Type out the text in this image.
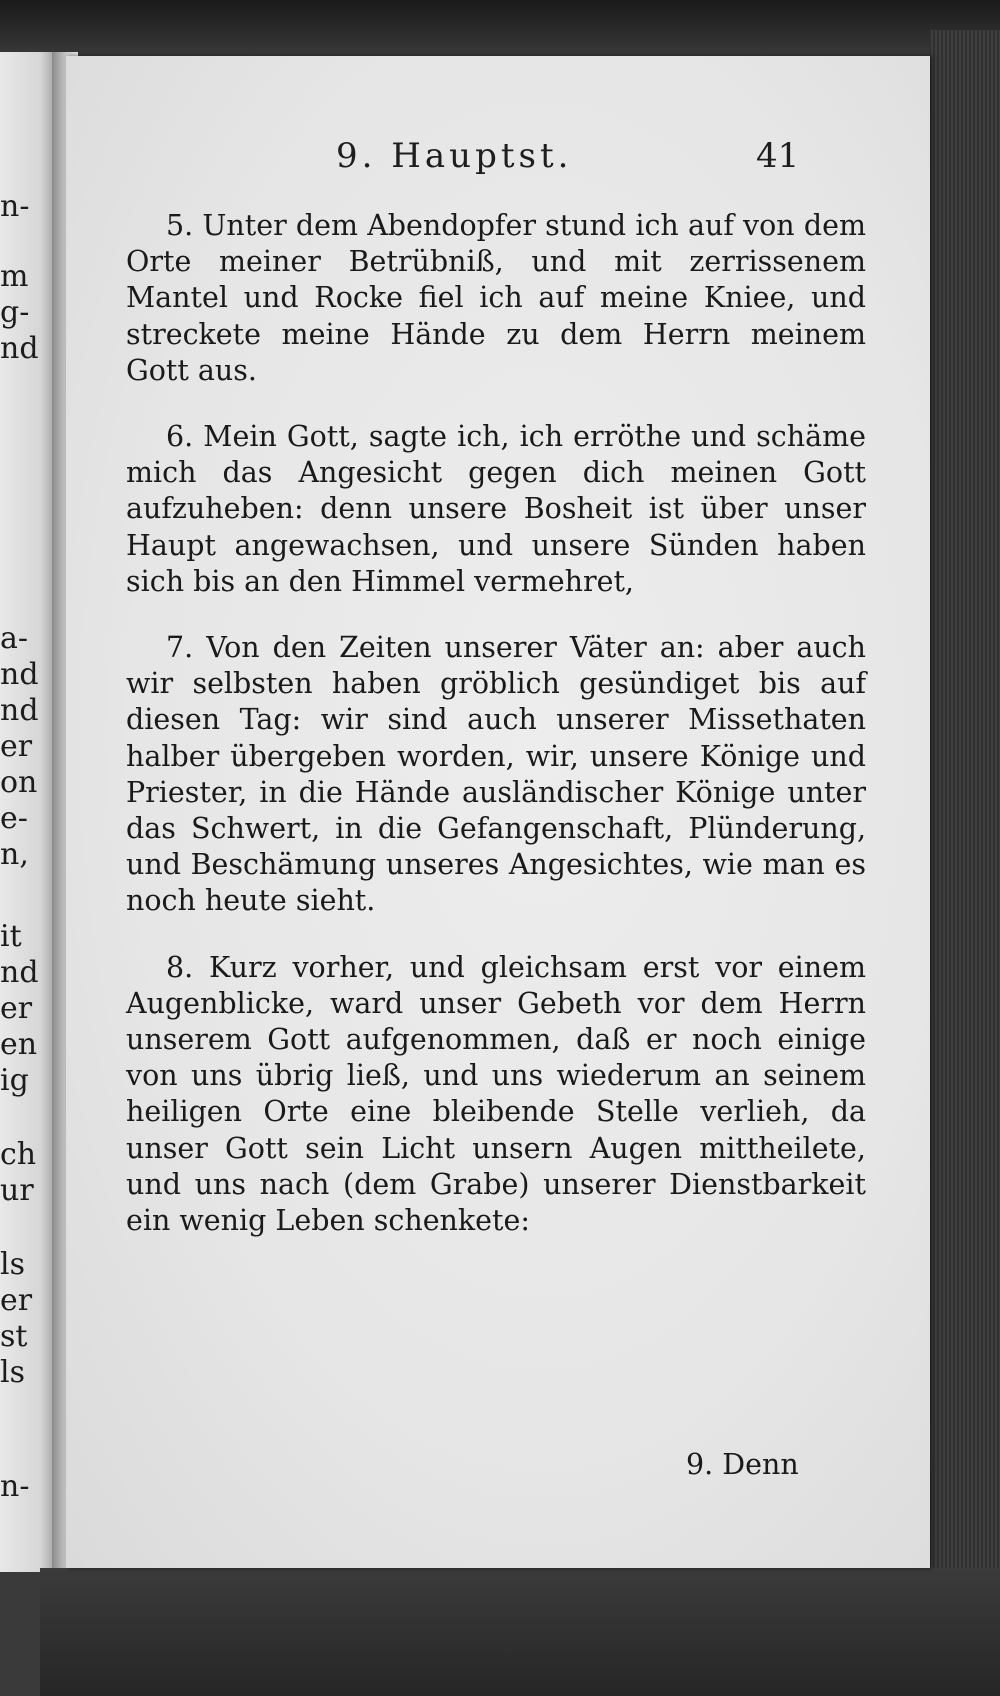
n-
m
g-
nd
a-
nd
nd
er
on
e-
n,
it
nd
er
en
ig
ch
ur
ls
er
st
ls
n-
9. Hauptst.	41

5. Unter dem Abendopfer stund ich auf von dem Orte meiner Betrübniß, und mit zerrissenem Mantel und Rocke fiel ich auf meine Kniee, und streckete meine Hände zu dem Herrn meinem Gott aus.

6. Mein Gott, sagte ich, ich erröthe und schäme mich das Angesicht gegen dich meinen Gott aufzuheben: denn unsere Bosheit ist über unser Haupt angewachsen, und unsere Sünden haben sich bis an den Himmel vermehret,

7. Von den Zeiten unserer Väter an: aber auch wir selbsten haben gröblich gesündiget bis auf diesen Tag: wir sind auch unserer Missethaten halber übergeben worden, wir, unsere Könige und Priester, in die Hände ausländischer Könige unter das Schwert, in die Gefangenschaft, Plünderung, und Beschämung unseres Angesichtes, wie man es noch heute sieht.

8. Kurz vorher, und gleichsam erst vor einem Augenblicke, ward unser Gebeth vor dem Herrn unserem Gott aufgenommen, daß er noch einige von uns übrig ließ, und uns wiederum an seinem heiligen Orte eine bleibende Stelle verlieh, da unser Gott sein Licht unsern Augen mittheilete, und uns nach (dem Grabe) unserer Dienstbarkeit ein wenig Leben schenkete:

9. Denn
